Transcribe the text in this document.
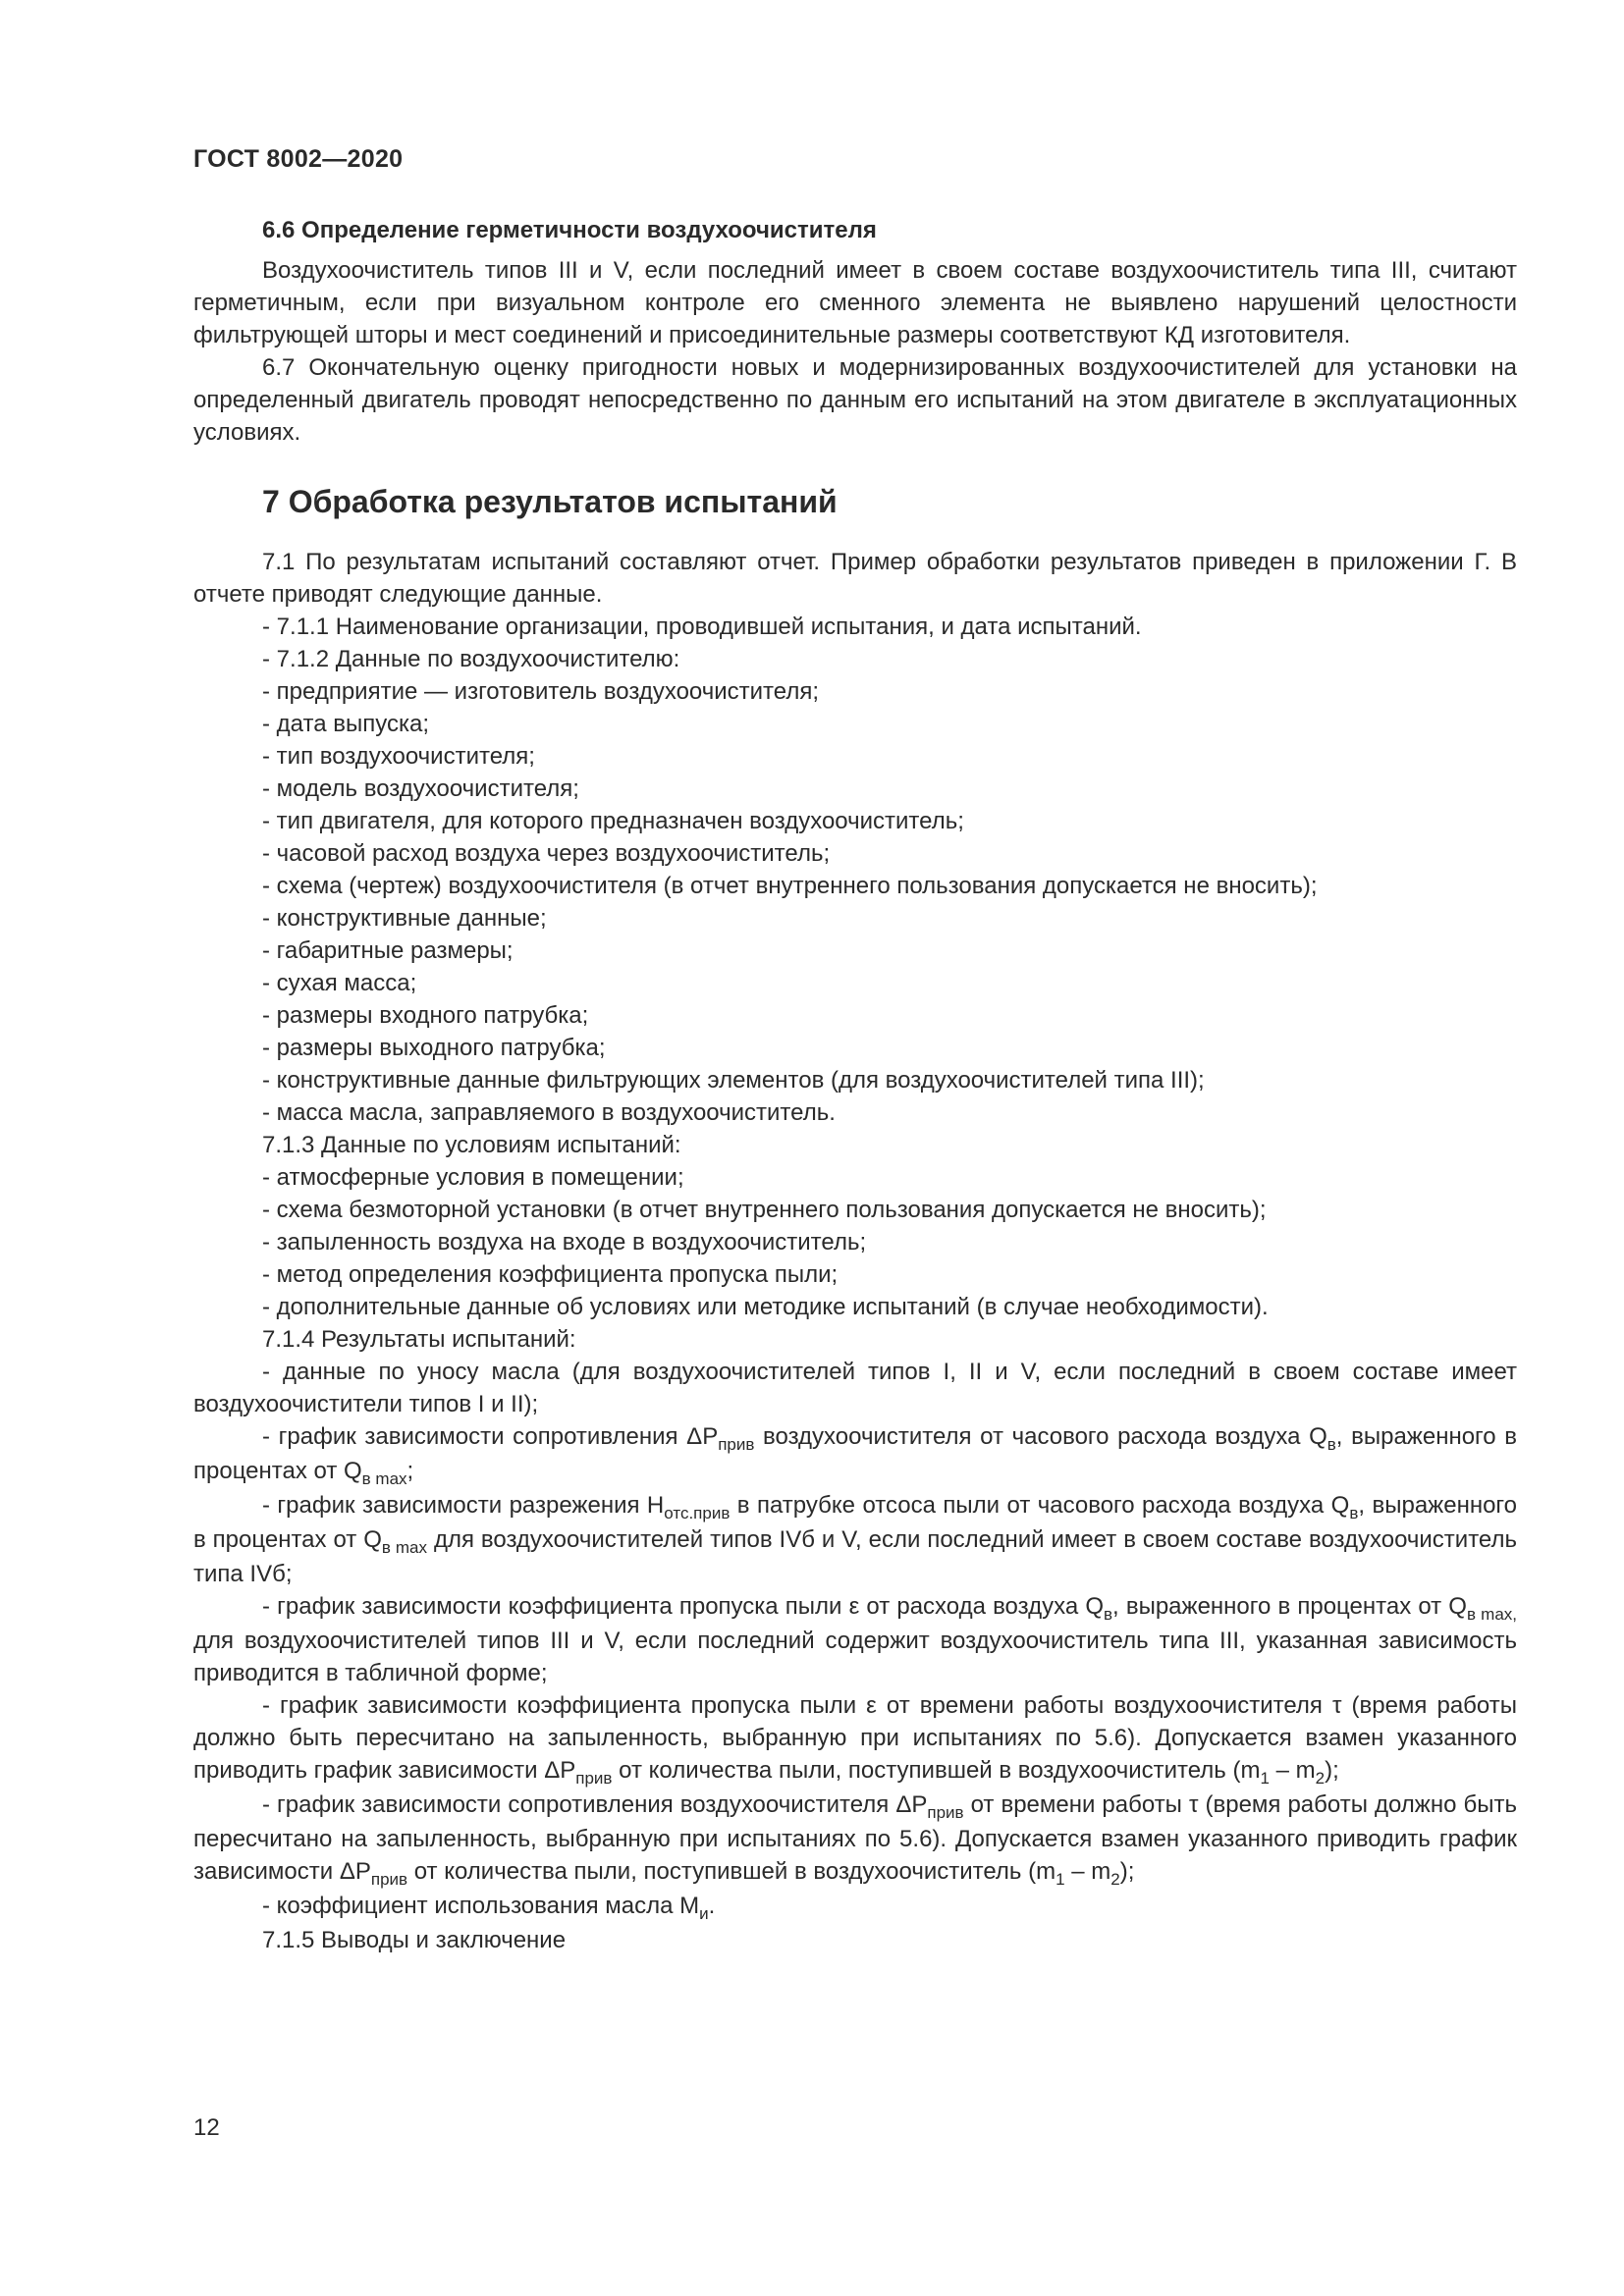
ГОСТ 8002—2020
6.6 Определение герметичности воздухоочистителя

Воздухоочиститель типов III и V, если последний имеет в своем составе воздухоочиститель типа III, считают герметичным, если при визуальном контроле его сменного элемента не выявлено нарушений целостности фильтрующей шторы и мест соединений и присоединительные размеры соответствуют КД изготовителя.

6.7 Окончательную оценку пригодности новых и модернизированных воздухоочистителей для установки на определенный двигатель проводят непосредственно по данным его испытаний на этом двигателе в эксплуатационных условиях.

7 Обработка результатов испытаний

7.1 По результатам испытаний составляют отчет. Пример обработки результатов приведен в приложении Г. В отчете приводят следующие данные.

- 7.1.1 Наименование организации, проводившей испытания, и дата испытаний.

- 7.1.2 Данные по воздухоочистителю:

- предприятие — изготовитель воздухоочистителя;

- дата выпуска;

- тип воздухоочистителя;

- модель воздухоочистителя;

- тип двигателя, для которого предназначен воздухоочиститель;

- часовой расход воздуха через воздухоочиститель;

- схема (чертеж) воздухоочистителя (в отчет внутреннего пользования допускается не вносить);

- конструктивные данные;

- габаритные размеры;

- сухая масса;

- размеры входного патрубка;

- размеры выходного патрубка;

- конструктивные данные фильтрующих элементов (для воздухоочистителей типа III);

- масса масла, заправляемого в воздухоочиститель.

7.1.3 Данные по условиям испытаний:

- атмосферные условия в помещении;

- схема безмоторной установки (в отчет внутреннего пользования допускается не вносить);

- запыленность воздуха на входе в воздухоочиститель;

- метод определения коэффициента пропуска пыли;

- дополнительные данные об условиях или методике испытаний (в случае необходимости).

7.1.4 Результаты испытаний:

- данные по уносу масла (для воздухоочистителей типов I, II и V, если последний в своем составе имеет воздухоочистители типов I и II);

- график зависимости сопротивления $\Delta P_{прив}$ воздухоочистителя от часового расхода воздуха $Q_в$, выраженного в процентах от $Q_{в max}$;

- график зависимости разрежения $H_{отс.прив}$ в патрубке отсоса пыли от часового расхода воздуха $Q_в$, выраженного в процентах от $Q_{в max}$ для воздухоочистителей типов IVб и V, если последний имеет в своем составе воздухоочиститель типа IVб;

- график зависимости коэффициента пропуска пыли ε от расхода воздуха $Q_в$, выраженного в процентах от $Q_{в max,}$ для воздухоочистителей типов III и V, если последний содержит воздухоочиститель типа III, указанная зависимость приводится в табличной форме;

- график зависимости коэффициента пропуска пыли ε от времени работы воздухоочистителя τ (время работы должно быть пересчитано на запыленность, выбранную при испытаниях по 5.6). Допускается взамен указанного приводить график зависимости $\Delta P_{прив}$ от количества пыли, поступившей в воздухоочиститель $(m_1 - m_2)$;

- график зависимости сопротивления воздухоочистителя $\Delta P_{прив}$ от времени работы τ (время работы должно быть пересчитано на запыленность, выбранную при испытаниях по 5.6). Допускается взамен указанного приводить график зависимости $\Delta P_{прив}$ от количества пыли, поступившей в воздухоочиститель $(m_1 - m_2)$;

- коэффициент использования масла $M_и$.

7.1.5 Выводы и заключение

12
